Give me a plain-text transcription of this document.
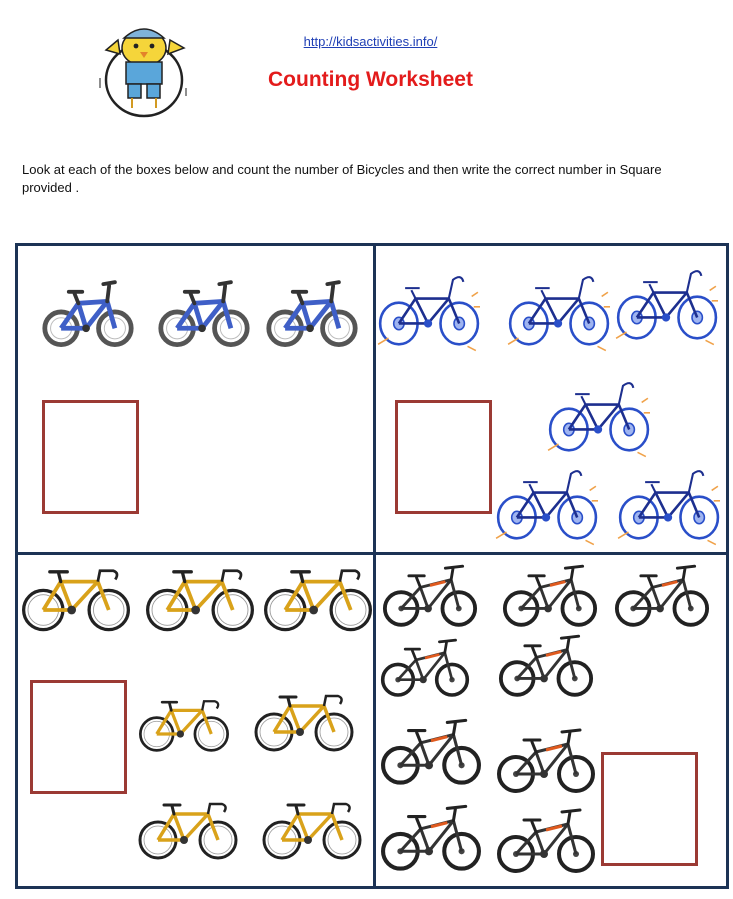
http://kidsactivities.info/
Counting Worksheet
Look at each of the boxes below and count the number of Bicycles and then write the correct number in Square provided .
